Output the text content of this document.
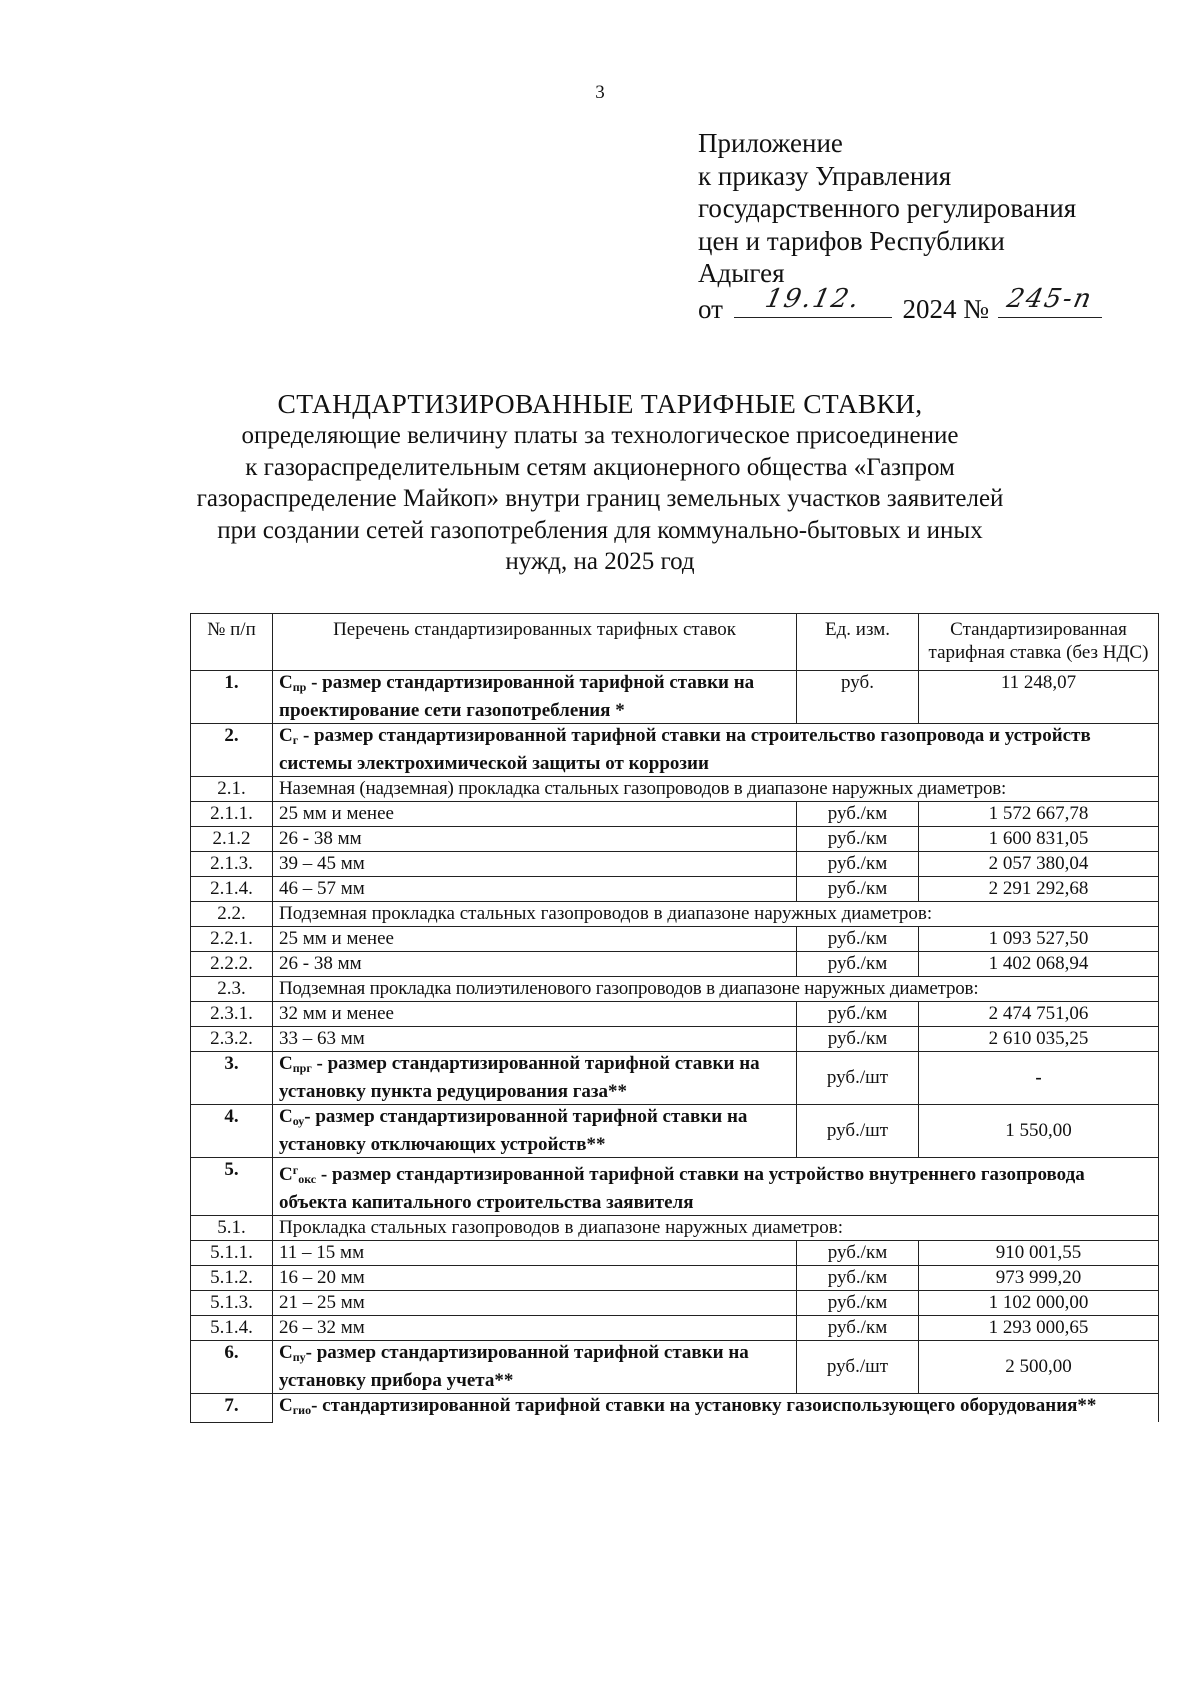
3
Приложение
к приказу Управления
государственного регулирования
цен и тарифов Республики
Адыгея
от	19.12.	2024 № 245-п
СТАНДАРТИЗИРОВАННЫЕ ТАРИФНЫЕ СТАВКИ,
определяющие величину платы за технологическое присоединение
к газораспределительным сетям акционерного общества «Газпром
газораспределение Майкоп» внутри границ земельных участков заявителей
при создании сетей газопотребления для коммунально-бытовых и иных
нужд, на 2025 год
№ п/п	Перечень стандартизированных тарифных ставок	Ед. изм.	Стандартизированная тарифная ставка (без НДС)
1.	$С_{пр}$ - размер стандартизированной тарифной ставки на проектирование сети газопотребления *	руб.	11 248,07
2.	$С_г$ - размер стандартизированной тарифной ставки на строительство газопровода и устройств системы электрохимической защиты от коррозии		
2.1.	Наземная (надземная) прокладка стальных газопроводов в диапазоне наружных диаметров:		
2.1.1.	25 мм и менее	руб./км	1 572 667,78
2.1.2	26 - 38 мм	руб./км	1 600 831,05
2.1.3.	39 – 45 мм	руб./км	2 057 380,04
2.1.4.	46 – 57 мм	руб./км	2 291 292,68
2.2.	Подземная прокладка стальных газопроводов в диапазоне наружных диаметров:		
2.2.1.	25 мм и менее	руб./км	1 093 527,50
2.2.2.	26 - 38 мм	руб./км	1 402 068,94
2.3.	Подземная прокладка полиэтиленового газопроводов в диапазоне наружных диаметров:		
2.3.1.	32 мм и менее	руб./км	2 474 751,06
2.3.2.	33 – 63 мм	руб./км	2 610 035,25
3.	$С_{прг}$ - размер стандартизированной тарифной ставки на установку пункта редуцирования газа**	руб./шт	-
4.	$С_{оу}-$ размер стандартизированной тарифной ставки на установку отключающих устройств**	руб./шт	1 550,00
5.	$С^г_{окс}$ - размер стандартизированной тарифной ставки на устройство внутреннего газопровода объекта капитального строительства заявителя		
5.1.	Прокладка стальных газопроводов в диапазоне наружных диаметров:		
5.1.1.	11 – 15 мм	руб./км	910 001,55
5.1.2.	16 – 20 мм	руб./км	973 999,20
5.1.3.	21 – 25 мм	руб./км	1 102 000,00
5.1.4.	26 – 32 мм	руб./км	1 293 000,65
6.	$С_{пу}-$ размер стандартизированной тарифной ставки на установку прибора учета**	руб./шт	2 500,00
7.	$С_{гио}-$ стандартизированной тарифной ставки на установку газоиспользующего оборудования**		
